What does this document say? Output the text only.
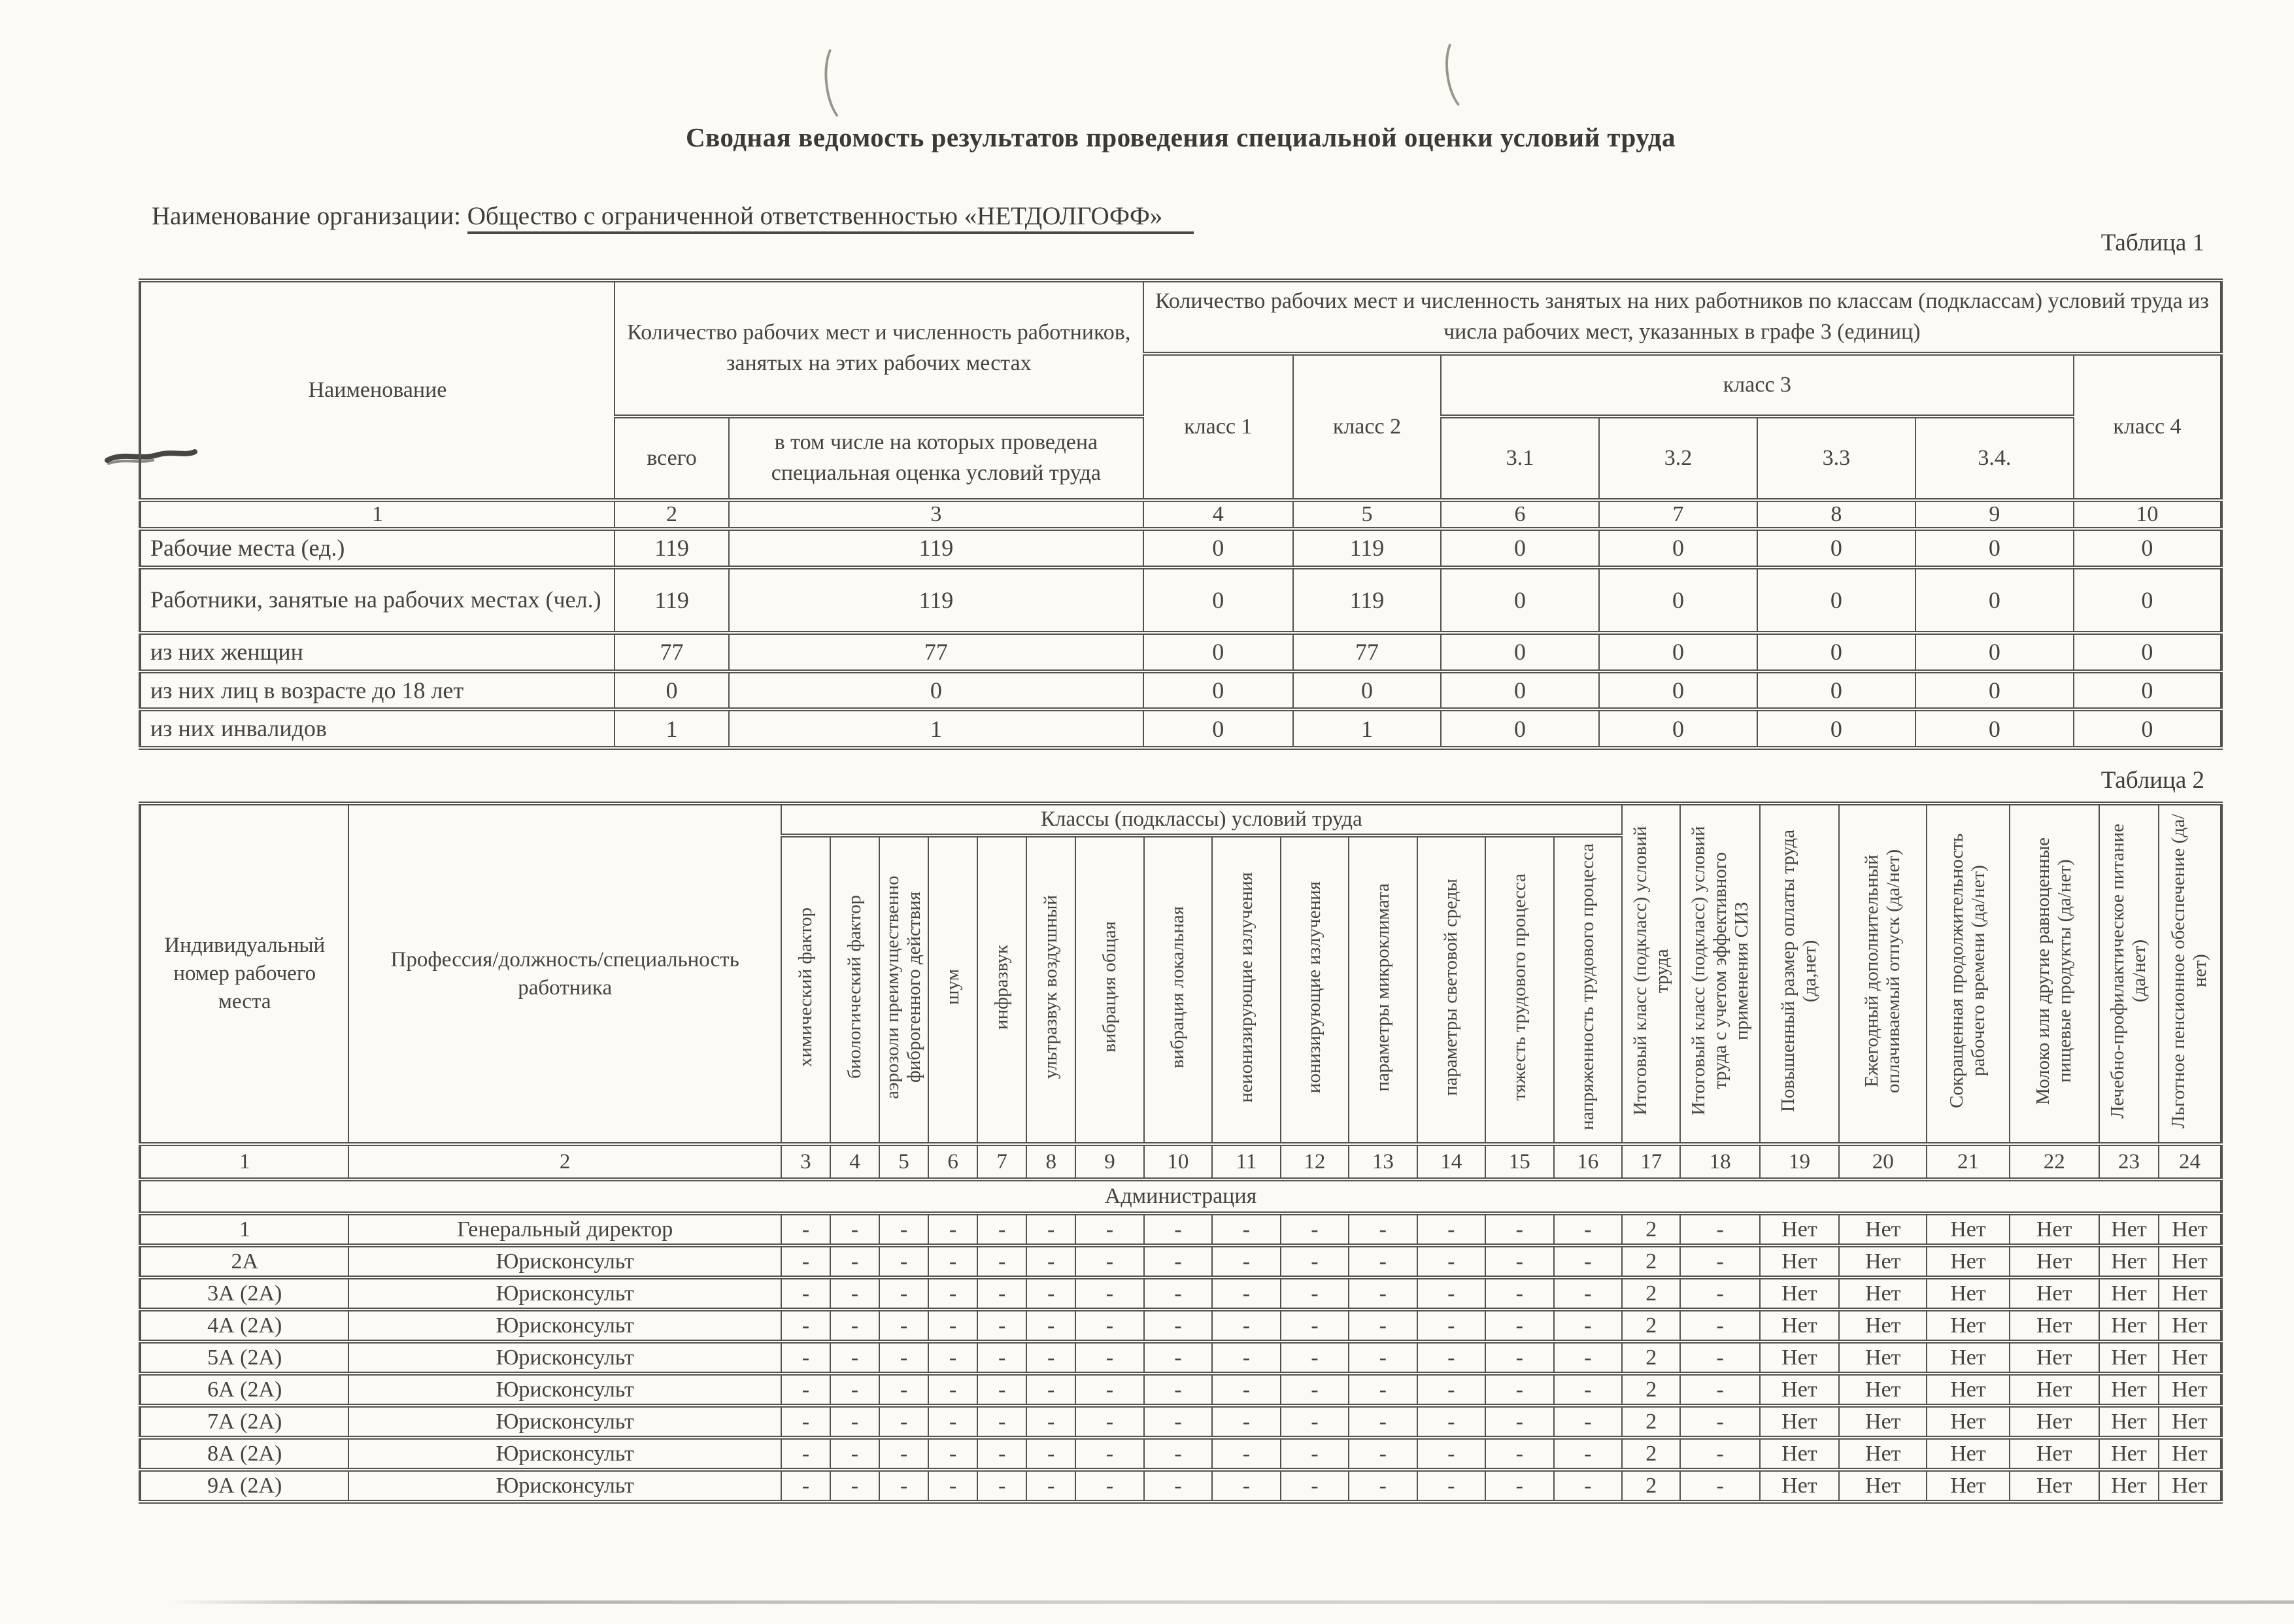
Сводная ведомость результатов проведения специальной оценки условий труда
Наименование организации: Общество с ограниченной ответственностью «НЕТДОЛГОФФ»
Таблица 1
Наименование	Количество рабочих мест и численность работников, занятых на этих рабочих местах		Количество рабочих мест и численность занятых на них работников по классам (подклассам) условий труда из числа рабочих мест, указанных в графе 3 (единиц)						
			класс 1	класс 2	класс 3				класс 4
	всего	в том числе на которых проведена специальная оценка условий труда			3.1	3.2	3.3	3.4.	
1	2	3	4	5	6	7	8	9	10
Рабочие места (ед.)	119	119	0	119	0	0	0	0	0
Работники, занятые на рабочих местах (чел.)	119	119	0	119	0	0	0	0	0
из них женщин	77	77	0	77	0	0	0	0	0
из них лиц в возрасте до 18 лет	0	0	0	0	0	0	0	0	0
из них инвалидов	1	1	0	1	0	0	0	0	0
Таблица 2
Индивидуальный номер рабочего места	Профессия/должность/специальность работника	Классы (подклассы) условий труда														Итоговый класс (подкласс) условий труда	Итоговый класс (подкласс) условий труда с учетом эффективного применения СИЗ	Повышенный размер оплаты труда (да,нет)	Ежегодный дополнительный оплачиваемый отпуск (да/нет)	Сокращенная продолжительность рабочего времени (да/нет)	Молоко или другие равноценные пищевые продукты (да/нет)	Лечебно-профилактическое питание (да/нет)	Льготное пенсионное обеспечение (да/нет)
		химический фактор	биологический фактор	аэрозоли преимущественно фиброгенного действия	шум	инфразвук	ультразвук воздушный	вибрация общая	вибрация локальная	неионизирующие излучения	ионизирующие излучения	параметры микроклимата	параметры световой среды	тяжесть трудового процесса	напряженность трудового процесса								
1	2	3	4	5	6	7	8	9	10	11	12	13	14	15	16	17	18	19	20	21	22	23	24
Администрация																							
1	Генеральный директор	-	-	-	-	-	-	-	-	-	-	-	-	-	-	2	-	Нет	Нет	Нет	Нет	Нет	Нет
2А	Юрисконсульт	-	-	-	-	-	-	-	-	-	-	-	-	-	-	2	-	Нет	Нет	Нет	Нет	Нет	Нет
3А (2А)	Юрисконсульт	-	-	-	-	-	-	-	-	-	-	-	-	-	-	2	-	Нет	Нет	Нет	Нет	Нет	Нет
4А (2А)	Юрисконсульт	-	-	-	-	-	-	-	-	-	-	-	-	-	-	2	-	Нет	Нет	Нет	Нет	Нет	Нет
5А (2А)	Юрисконсульт	-	-	-	-	-	-	-	-	-	-	-	-	-	-	2	-	Нет	Нет	Нет	Нет	Нет	Нет
6А (2А)	Юрисконсульт	-	-	-	-	-	-	-	-	-	-	-	-	-	-	2	-	Нет	Нет	Нет	Нет	Нет	Нет
7А (2А)	Юрисконсульт	-	-	-	-	-	-	-	-	-	-	-	-	-	-	2	-	Нет	Нет	Нет	Нет	Нет	Нет
8А (2А)	Юрисконсульт	-	-	-	-	-	-	-	-	-	-	-	-	-	-	2	-	Нет	Нет	Нет	Нет	Нет	Нет
9А (2А)	Юрисконсульт	-	-	-	-	-	-	-	-	-	-	-	-	-	-	2	-	Нет	Нет	Нет	Нет	Нет	Нет
